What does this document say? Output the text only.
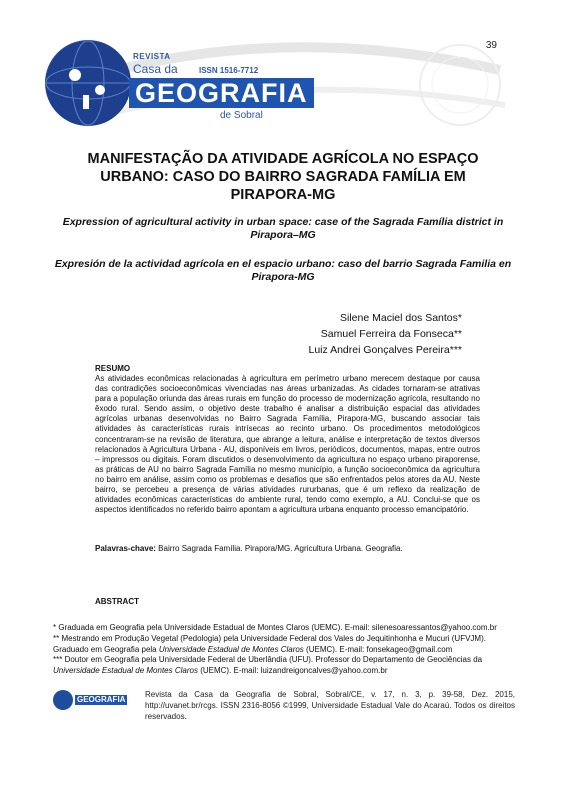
39
REVISTA
Casa da	ISSN 1516-7712
GEOGRAFIA
de Sobral
MANIFESTAÇÃO DA ATIVIDADE AGRÍCOLA NO ESPAÇO URBANO: CASO DO BAIRRO SAGRADA FAMÍLIA EM PIRAPORA-MG
Expression of agricultural activity in urban space: case of the Sagrada Família district in Pirapora–MG
Expresión de la actividad agrícola en el espacio urbano: caso del barrio Sagrada Familia en Pirapora-MG
Silene Maciel dos Santos*
Samuel Ferreira da Fonseca**
Luiz Andrei Gonçalves Pereira***
RESUMO

As atividades econômicas relacionadas à agricultura em perímetro urbano merecem destaque por causa das contradições socioeconômicas vivenciadas nas áreas urbanizadas. As cidades tornaram-se atrativas para a população oriunda das áreas rurais em função do processo de modernização agrícola, resultando no êxodo rural. Sendo assim, o objetivo deste trabalho é analisar a distribuição espacial das atividades agrícolas urbanas desenvolvidas no Bairro Sagrada Família, Pirapora-MG, buscando associar tais atividades às características rurais intrísecas ao recinto urbano. Os procedimentos metodológicos concentraram-se na revisão de literatura, que abrange a leitura, análise e interpretação de textos diversos relacionados à Agricultura Urbana - AU, disponíveis em livros, periódicos, documentos, mapas, entre outros – impressos ou digitais. Foram discutidos o desenvolvimento da agricultura no espaço urbano piraporense, as práticas de AU no bairro Sagrada Família no mesmo município, a função socioeconômica da agricultura no bairro em análise, assim como os problemas e desafios que são enfrentados pelos atores da AU. Neste bairro, se percebeu a presença de várias atividades rururbanas, que é um reflexo da realização de atividades econômicas características do ambiente rural, tendo como exemplo, a AU. Conclui-se que os aspectos identificados no referido bairro apontam a agricultura urbana enquanto processo emancipatório.

Palavras-chave: Bairro Sagrada Família. Pirapora/MG. Agricultura Urbana. Geografia.

ABSTRACT
* Graduada em Geografia pela Universidade Estadual de Montes Claros (UEMC). E-mail: silenesoaressantos@yahoo.com.br
** Mestrando em Produção Vegetal (Pedologia) pela Universidade Federal dos Vales do Jequitinhonha e Mucuri (UFVJM).
Graduado em Geografia pela Universidade Estadual de Montes Claros (UEMC). E-mail: fonsekageo@gmail.com
*** Doutor em Geografia pela Universidade Federal de Uberlândia (UFU). Professor do Departamento de Geociências da
Universidade Estadual de Montes Claros (UEMC). E-mail: luizandreigoncalves@yahoo.com.br
GEOGRAFIA

Revista da Casa da Geografia de Sobral, Sobral/CE, v. 17, n. 3, p. 39-58, Dez. 2015, http://uvanet.br/rcgs. ISSN 2316-8056 ©1999, Universidade Estadual Vale do Acaraú. Todos os direitos reservados.
